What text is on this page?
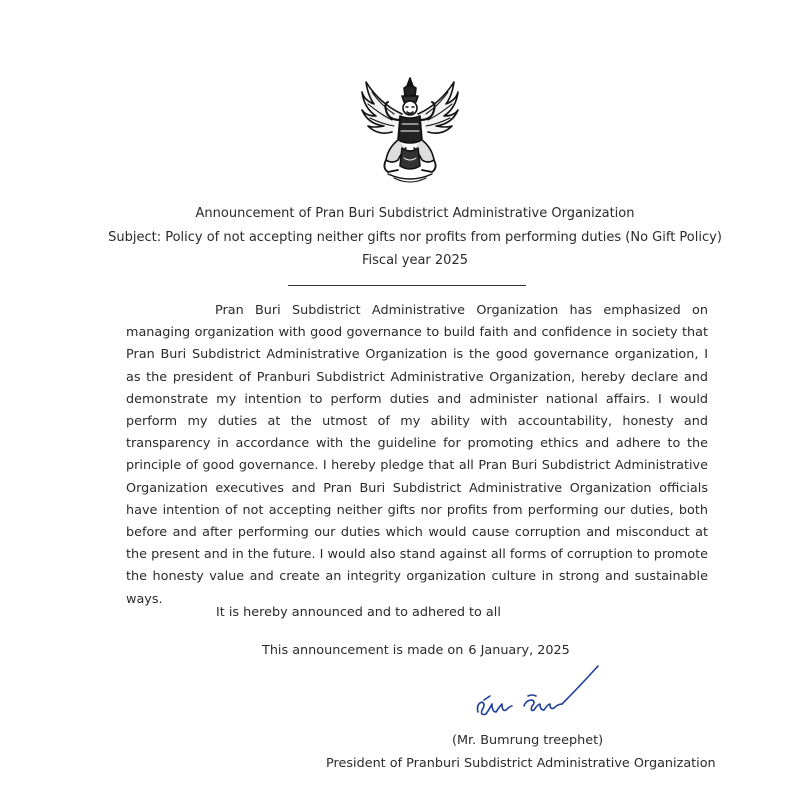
Announcement of Pran Buri Subdistrict Administrative Organization
Subject: Policy of not accepting neither gifts nor profits from performing duties (No Gift Policy)
Fiscal year 2025

Pran Buri Subdistrict Administrative Organization has emphasized on managing organization with good governance to build faith and confidence in society that Pran Buri Subdistrict Administrative Organization is the good governance organization, I as the president of Pranburi Subdistrict Administrative Organization, hereby declare and demonstrate my intention to perform duties and administer national affairs. I would perform my duties at the utmost of my ability with accountability, honesty and transparency in accordance with the guideline for promoting ethics and adhere to the principle of good governance. I hereby pledge that all Pran Buri Subdistrict Administrative Organization executives and Pran Buri Subdistrict Administrative Organization officials have intention of not accepting neither gifts nor profits from performing our duties, both before and after performing our duties which would cause corruption and misconduct at the present and in the future. I would also stand against all forms of corruption to promote the honesty value and create an integrity organization culture in strong and sustainable ways.

It is hereby announced and to adhered to all
This announcement is made on 6 January, 2025
(Mr. Bumrung treephet)
President of Pranburi Subdistrict Administrative Organization
